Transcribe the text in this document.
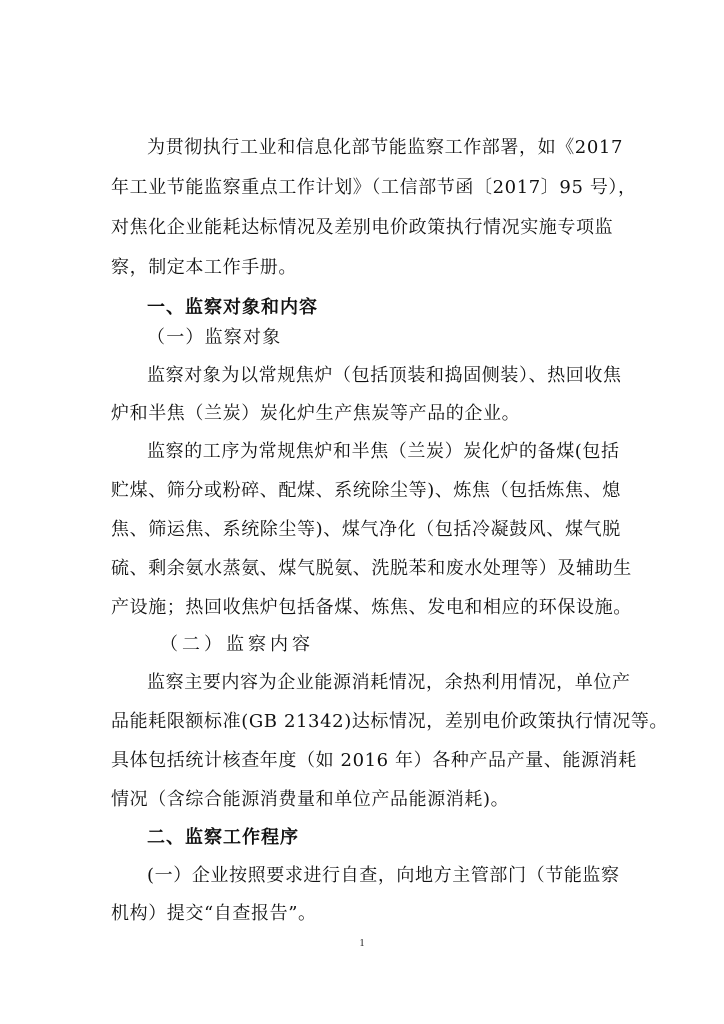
为贯彻执行工业和信息化部节能监察工作部署，如《2017
年工业节能监察重点工作计划》（工信部节函〔2017〕95 号），
对焦化企业能耗达标情况及差别电价政策执行情况实施专项监
察，制定本工作手册。
一、监察对象和内容
（一）监察对象
监察对象为以常规焦炉（包括顶装和捣固侧装）、热回收焦
炉和半焦（兰炭）炭化炉生产焦炭等产品的企业。
监察的工序为常规焦炉和半焦（兰炭）炭化炉的备煤(包括
贮煤、筛分或粉碎、配煤、系统除尘等)、炼焦（包括炼焦、熄
焦、筛运焦、系统除尘等)、煤气净化（包括冷凝鼓风、煤气脱
硫、剩余氨水蒸氨、煤气脱氨、洗脱苯和废水处理等）及辅助生
产设施；热回收焦炉包括备煤、炼焦、发电和相应的环保设施。
（二）监察内容
监察主要内容为企业能源消耗情况，余热利用情况，单位产
品能耗限额标准(GB 21342)达标情况，差别电价政策执行情况等。
具体包括统计核查年度（如 2016 年）各种产品产量、能源消耗
情况（含综合能源消费量和单位产品能源消耗)。
二、监察工作程序
(一）企业按照要求进行自查，向地方主管部门（节能监察
机构）提交“自查报告”。
1
